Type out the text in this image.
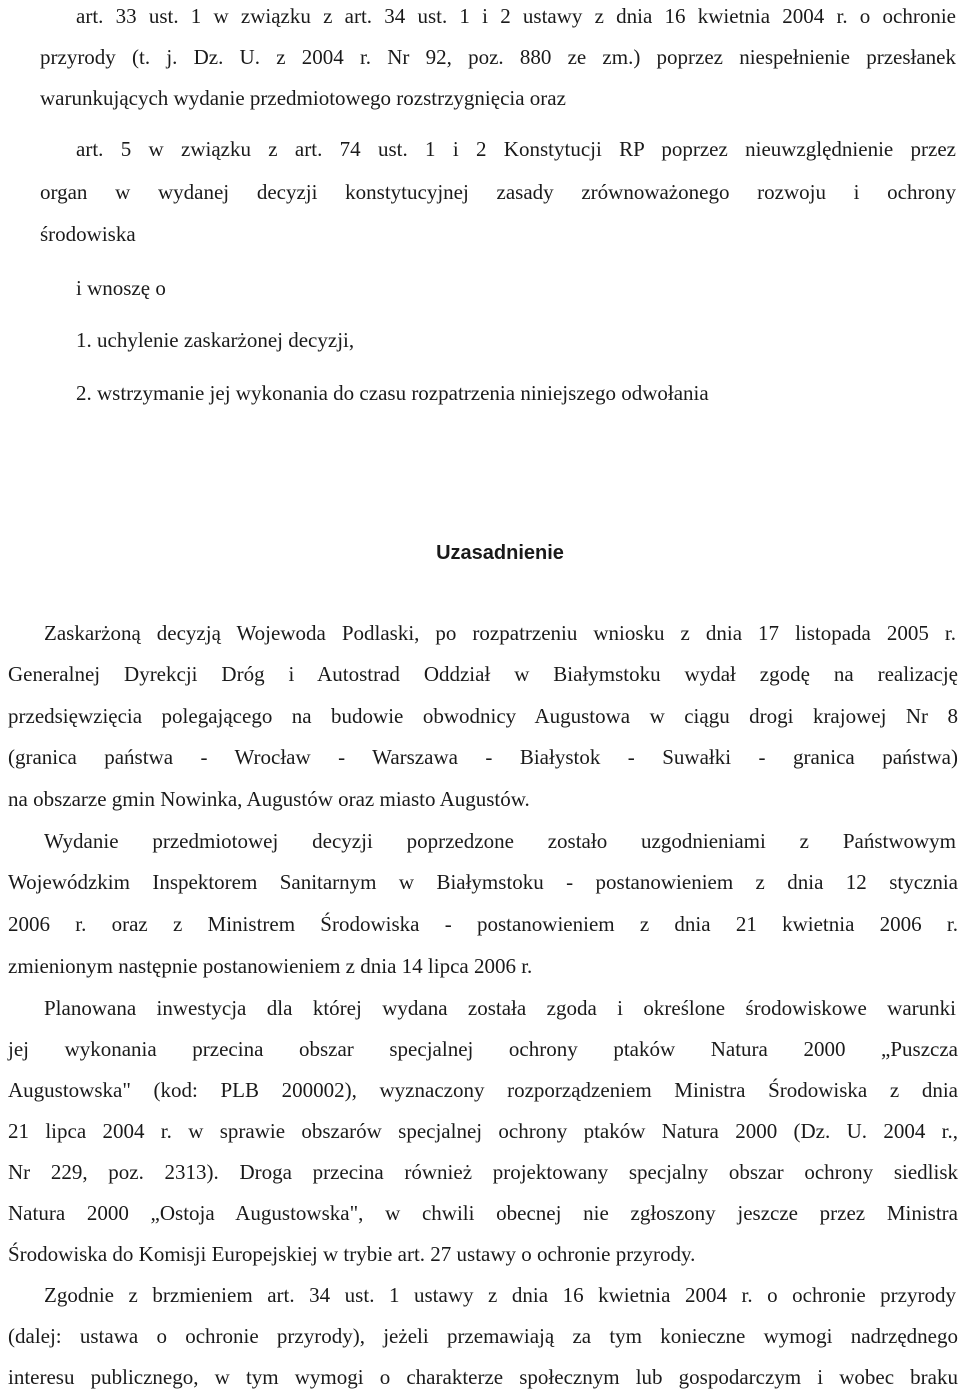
art. 33 ust. 1 w związku z art. 34 ust. 1 i 2 ustawy z dnia 16 kwietnia 2004 r. o ochronie
przyrody (t. j. Dz. U. z 2004 r. Nr 92, poz. 880 ze zm.) poprzez niespełnienie przesłanek
warunkujących wydanie przedmiotowego rozstrzygnięcia oraz
art. 5 w związku z art. 74 ust. 1 i 2 Konstytucji RP poprzez nieuwzględnienie przez
organ w wydanej decyzji konstytucyjnej zasady zrównoważonego rozwoju i ochrony
środowiska
i wnoszę o
1. uchylenie zaskarżonej decyzji,
2. wstrzymanie jej wykonania do czasu rozpatrzenia niniejszego odwołania
Uzasadnienie
Zaskarżoną decyzją Wojewoda Podlaski, po rozpatrzeniu wniosku z dnia 17 listopada 2005 r.
Generalnej Dyrekcji Dróg i Autostrad Oddział w Białymstoku wydał zgodę na realizację
przedsięwzięcia polegającego na budowie obwodnicy Augustowa w ciągu drogi krajowej Nr 8
(granica państwa - Wrocław - Warszawa - Białystok - Suwałki - granica państwa)
na obszarze gmin Nowinka, Augustów oraz miasto Augustów.
Wydanie przedmiotowej decyzji poprzedzone zostało uzgodnieniami z Państwowym
Wojewódzkim Inspektorem Sanitarnym w Białymstoku - postanowieniem z dnia 12 stycznia
2006 r. oraz z Ministrem Środowiska - postanowieniem z dnia 21 kwietnia 2006 r.
zmienionym następnie postanowieniem z dnia 14 lipca 2006 r.
Planowana inwestycja dla której wydana została zgoda i określone środowiskowe warunki
jej wykonania przecina obszar specjalnej ochrony ptaków Natura 2000 „Puszcza
Augustowska" (kod: PLB 200002), wyznaczony rozporządzeniem Ministra Środowiska z dnia
21 lipca 2004 r. w sprawie obszarów specjalnej ochrony ptaków Natura 2000 (Dz. U. 2004 r.,
Nr 229, poz. 2313). Droga przecina również projektowany specjalny obszar ochrony siedlisk
Natura 2000 „Ostoja Augustowska", w chwili obecnej nie zgłoszony jeszcze przez Ministra
Środowiska do Komisji Europejskiej w trybie art. 27 ustawy o ochronie przyrody.
Zgodnie z brzmieniem art. 34 ust. 1 ustawy z dnia 16 kwietnia 2004 r. o ochronie przyrody
(dalej: ustawa o ochronie przyrody), jeżeli przemawiają za tym konieczne wymogi nadrzędnego
interesu publicznego, w tym wymogi o charakterze społecznym lub gospodarczym i wobec braku
